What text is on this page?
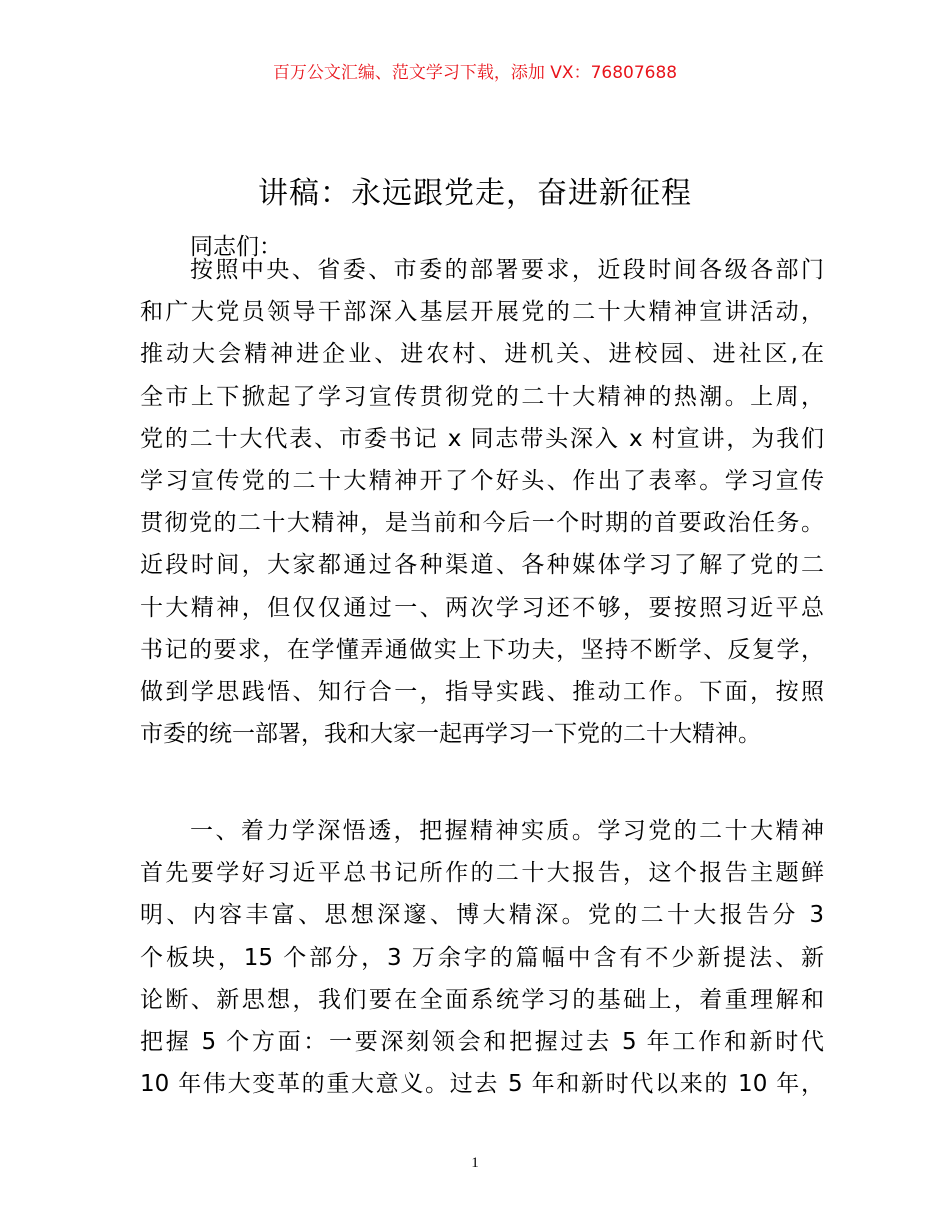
百万公文汇编、范文学习下载，添加 VX：76807688
讲稿：永远跟党走，奋进新征程
同志们：
按照中央、省委、市委的部署要求，近段时间各级各部门
和广大党员领导干部深入基层开展党的二十大精神宣讲活动，
推动大会精神进企业、进农村、进机关、进校园、进社区,在
全市上下掀起了学习宣传贯彻党的二十大精神的热潮。上周，
党的二十大代表、市委书记 x 同志带头深入 x 村宣讲，为我们
学习宣传党的二十大精神开了个好头、作出了表率。学习宣传
贯彻党的二十大精神，是当前和今后一个时期的首要政治任务。
近段时间，大家都通过各种渠道、各种媒体学习了解了党的二
十大精神，但仅仅通过一、两次学习还不够，要按照习近平总
书记的要求，在学懂弄通做实上下功夫，坚持不断学、反复学，
做到学思践悟、知行合一，指导实践、推动工作。下面，按照
市委的统一部署，我和大家一起再学习一下党的二十大精神。
一、着力学深悟透，把握精神实质。学习党的二十大精神
首先要学好习近平总书记所作的二十大报告，这个报告主题鲜
明、内容丰富、思想深邃、博大精深。党的二十大报告分 3
个板块，15 个部分，3 万余字的篇幅中含有不少新提法、新
论断、新思想，我们要在全面系统学习的基础上，着重理解和
把握 5 个方面：一要深刻领会和把握过去 5 年工作和新时代
10 年伟大变革的重大意义。过去 5 年和新时代以来的 10 年，
1
